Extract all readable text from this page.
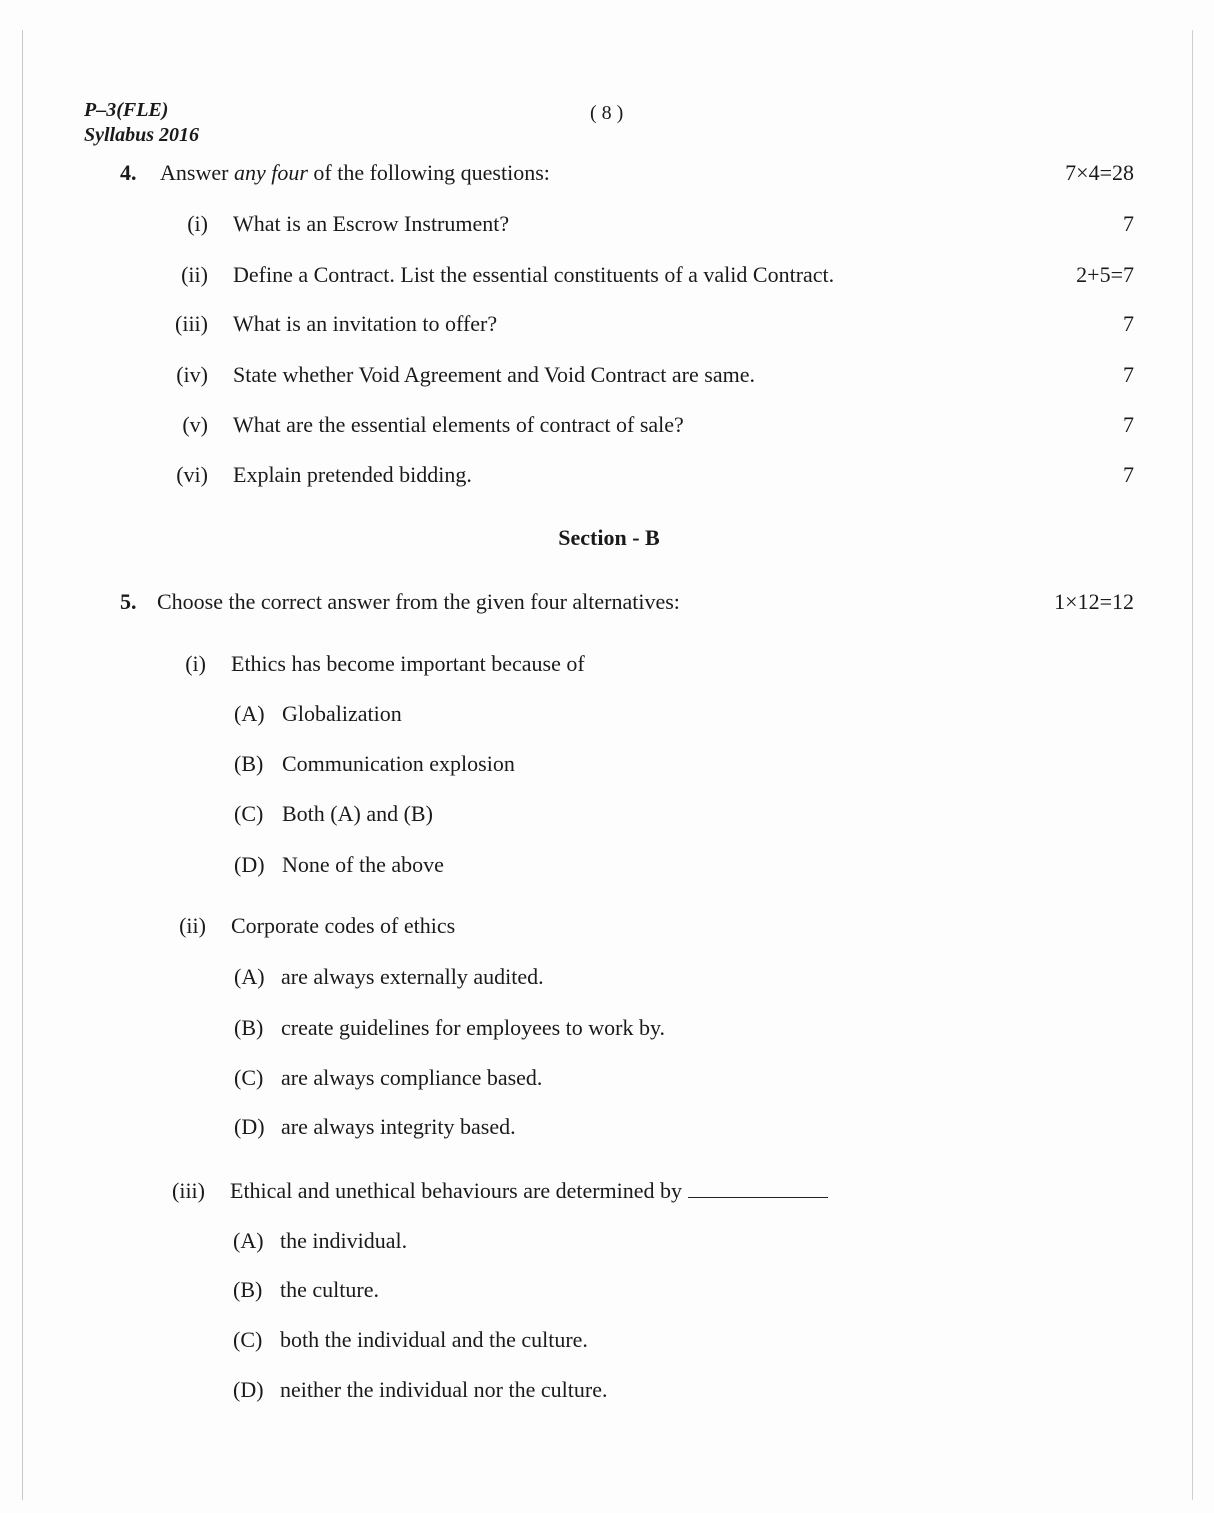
P–3(FLE)
Syllabus 2016
( 8 )
4. Answer any four of the following questions:	7×4=28
(i) What is an Escrow Instrument?	7
(ii) Define a Contract. List the essential constituents of a valid Contract.	2+5=7
(iii) What is an invitation to offer?	7
(iv) State whether Void Agreement and Void Contract are same.	7
(v) What are the essential elements of contract of sale?	7
(vi) Explain pretended bidding.	7
Section - B
5. Choose the correct answer from the given four alternatives:	1×12=12
(i) Ethics has become important because of
(A) Globalization
(B) Communication explosion
(C) Both (A) and (B)
(D) None of the above
(ii) Corporate codes of ethics
(A) are always externally audited.
(B) create guidelines for employees to work by.
(C) are always compliance based.
(D) are always integrity based.
(iii) Ethical and unethical behaviours are determined by
(A) the individual.
(B) the culture.
(C) both the individual and the culture.
(D) neither the individual nor the culture.
